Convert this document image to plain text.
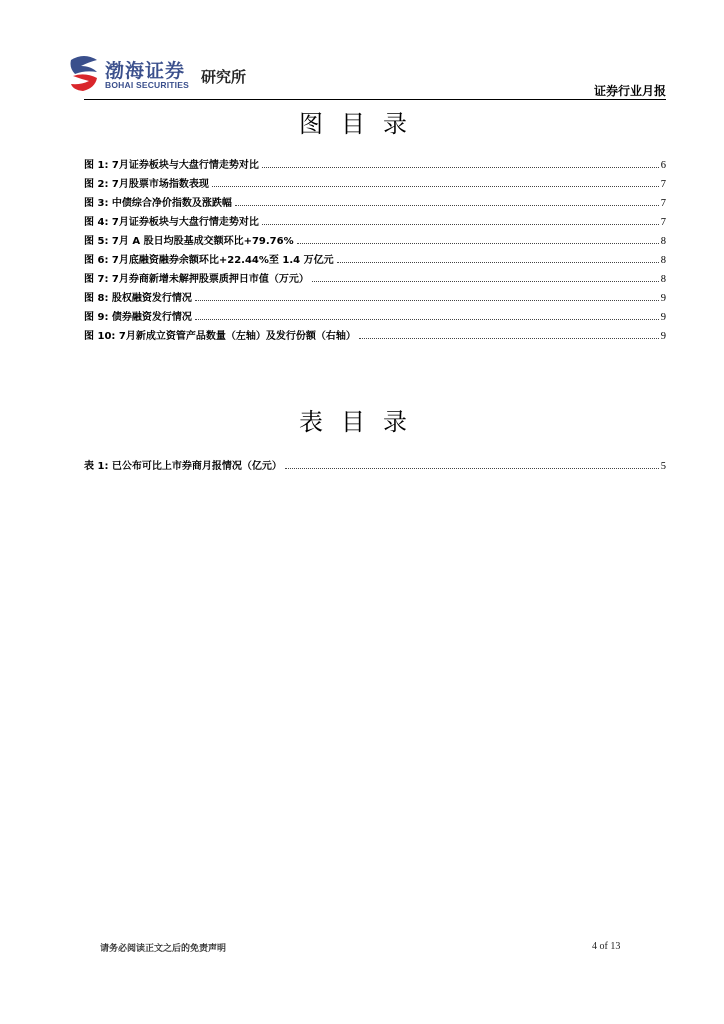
渤海证券
BOHAI SECURITIES 研究所
证券行业月报
图目录
图 1: 7月证券板块与大盘行情走势对比	6
图 2: 7月股票市场指数表现	7
图 3: 中债综合净价指数及涨跌幅	7
图 4: 7月证券板块与大盘行情走势对比	7
图 5: 7月 A 股日均股基成交额环比+79.76%	8
图 6: 7月底融资融券余额环比+22.44%至 1.4 万亿元	8
图 7: 7月券商新增未解押股票质押日市值（万元）	8
图 8: 股权融资发行情况	9
图 9: 债券融资发行情况	9
图 10: 7月新成立资管产品数量（左轴）及发行份额（右轴）	9
表目录
表 1: 已公布可比上市券商月报情况（亿元）	5
请务必阅读正文之后的免责声明	4 of 13
